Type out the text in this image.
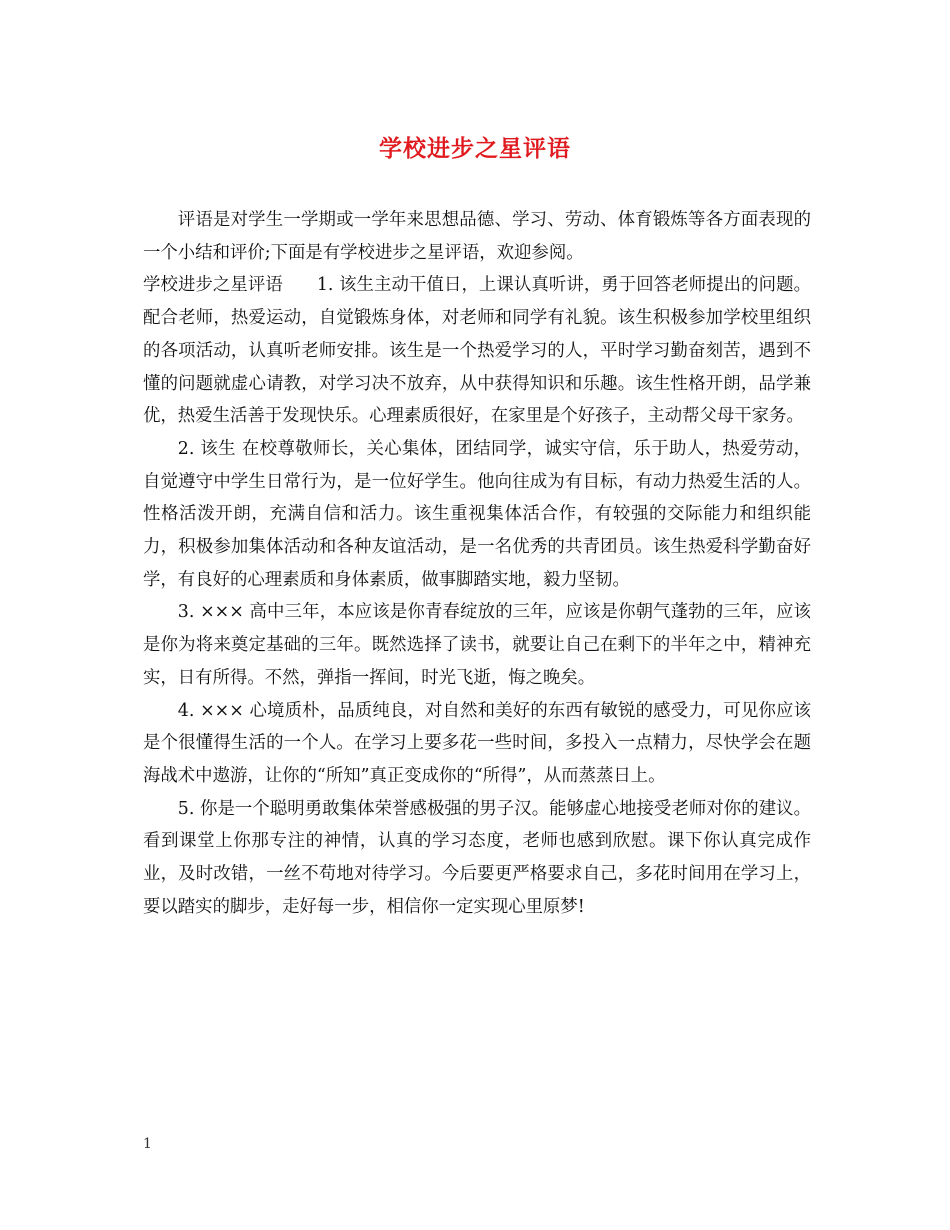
学校进步之星评语

评语是对学生一学期或一学年来思想品德、学习、劳动、体育锻炼等各方面表现的一个小结和评价;下面是有学校进步之星评语，欢迎参阅。

学校进步之星评语 1. 该生主动干值日，上课认真听讲，勇于回答老师提出的问题。配合老师，热爱运动，自觉锻炼身体，对老师和同学有礼貌。该生积极参加学校里组织的各项活动，认真听老师安排。该生是一个热爱学习的人，平时学习勤奋刻苦，遇到不懂的问题就虚心请教，对学习决不放弃，从中获得知识和乐趣。该生性格开朗，品学兼优，热爱生活善于发现快乐。心理素质很好，在家里是个好孩子，主动帮父母干家务。

2. 该生 在校尊敬师长，关心集体，团结同学，诚实守信，乐于助人，热爱劳动，自觉遵守中学生日常行为，是一位好学生。他向往成为有目标，有动力热爱生活的人。性格活泼开朗，充满自信和活力。该生重视集体活合作，有较强的交际能力和组织能力，积极参加集体活动和各种友谊活动，是一名优秀的共青团员。该生热爱科学勤奋好学，有良好的心理素质和身体素质，做事脚踏实地，毅力坚韧。

3. ××× 高中三年，本应该是你青春绽放的三年，应该是你朝气蓬勃的三年，应该是你为将来奠定基础的三年。既然选择了读书，就要让自己在剩下的半年之中，精神充实，日有所得。不然，弹指一挥间，时光飞逝，悔之晚矣。

4. ××× 心境质朴，品质纯良，对自然和美好的东西有敏锐的感受力，可见你应该是个很懂得生活的一个人。在学习上要多花一些时间，多投入一点精力，尽快学会在题海战术中遨游，让你的“所知”真正变成你的“所得”，从而蒸蒸日上。

5. 你是一个聪明勇敢集体荣誉感极强的男子汉。能够虚心地接受老师对你的建议。看到课堂上你那专注的神情，认真的学习态度，老师也感到欣慰。课下你认真完成作业，及时改错，一丝不苟地对待学习。今后要更严格要求自己，多花时间用在学习上，要以踏实的脚步，走好每一步，相信你一定实现心里原梦!

1
